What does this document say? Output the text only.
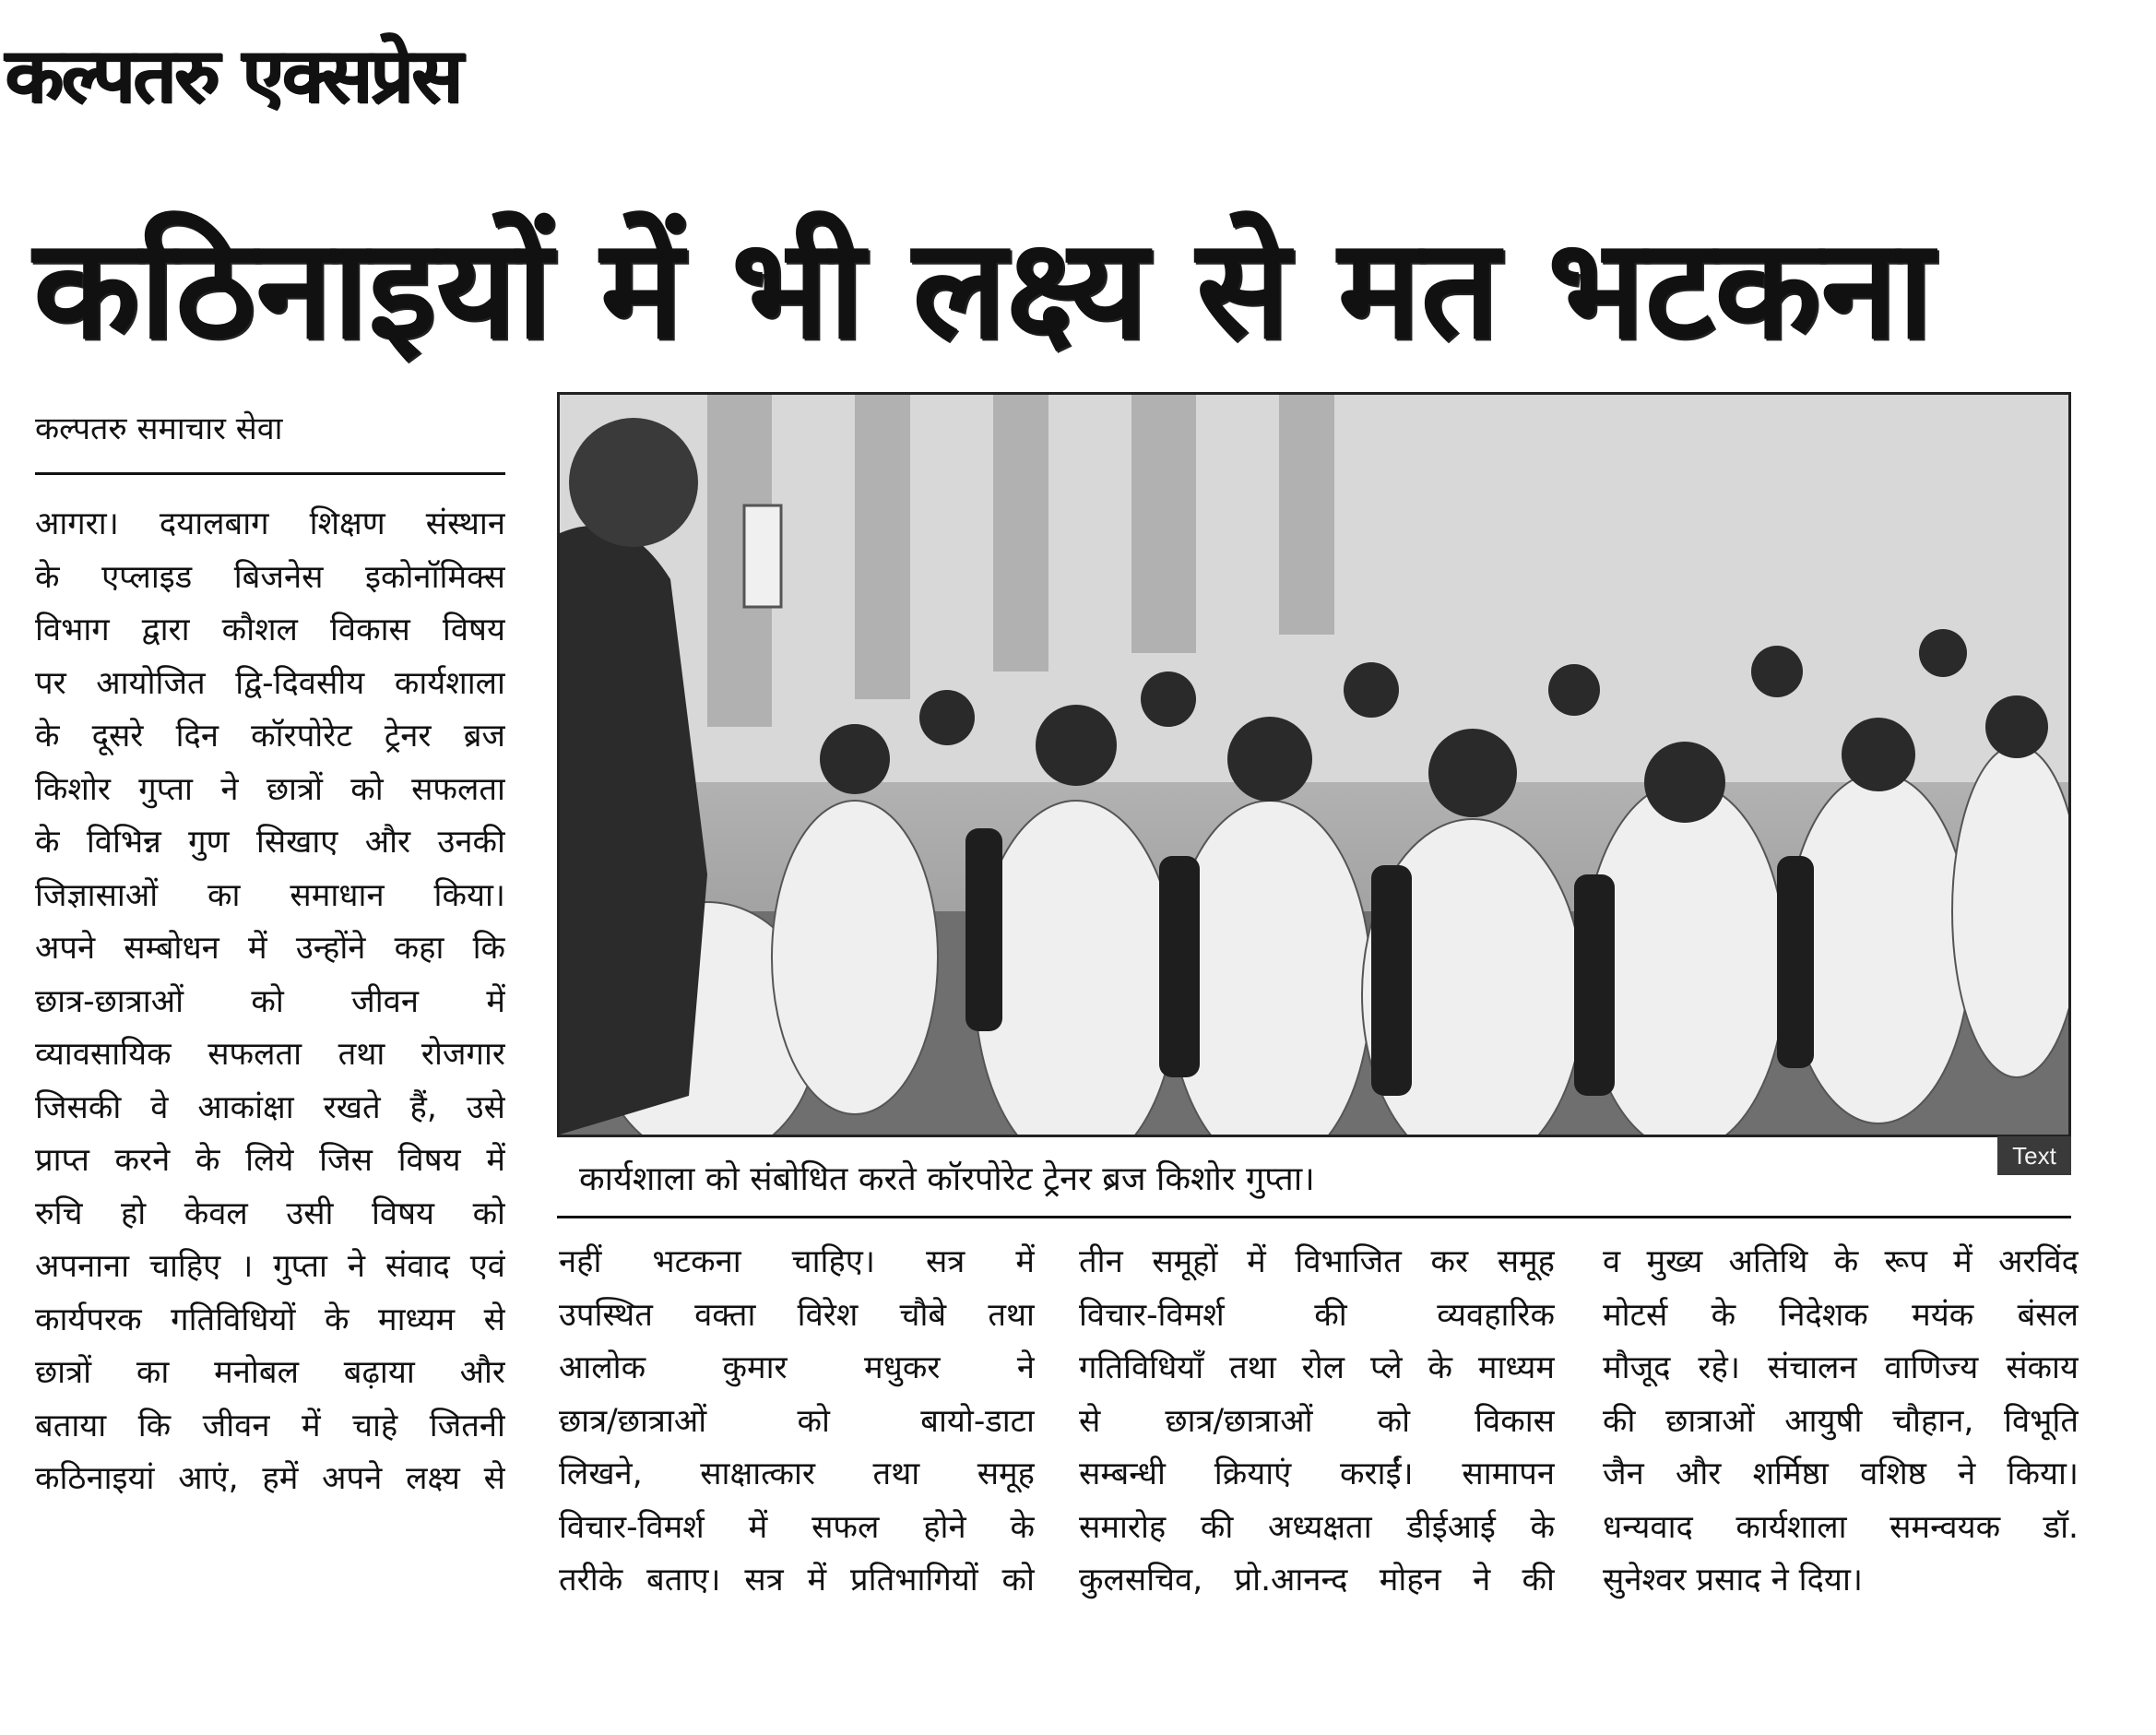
कल्पतरु एक्सप्रेस
कठिनाइयों में भी लक्ष्य से मत भटकना
कल्पतरु समाचार सेवा
आगरा। दयालबाग शिक्षण संस्थान
के एप्लाइड बिजनेस इकोनॉमिक्स
विभाग द्वारा कौशल विकास विषय
पर आयोजित द्वि-दिवसीय कार्यशाला
के दूसरे दिन कॉरपोरेट ट्रेनर ब्रज
किशोर गुप्ता ने छात्रों को सफलता
के विभिन्न गुण सिखाए और उनकी
जिज्ञासाओं का समाधान किया।
अपने सम्बोधन में उन्होंने कहा कि
छात्र-छात्राओं को जीवन में
व्यावसायिक सफलता तथा रोजगार
जिसकी वे आकांक्षा रखते हैं, उसे
प्राप्त करने के लिये जिस विषय में
रुचि हो केवल उसी विषय को
अपनाना चाहिए । गुप्ता ने संवाद एवं
कार्यपरक गतिविधियों के माध्यम से
छात्रों का मनोबल बढ़ाया और
बताया कि जीवन में चाहे जितनी
कठिनाइयां आएं, हमें अपने लक्ष्य से
Text
कार्यशाला को संबोधित करते कॉरपोरेट ट्रेनर ब्रज किशोर गुप्ता।
नहीं भटकना चाहिए। सत्र में
उपस्थित वक्ता विरेश चौबे तथा
आलोक कुमार मधुकर ने
छात्र/छात्राओं को बायो-डाटा
लिखने, साक्षात्कार तथा समूह
विचार-विमर्श में सफल होने के
तरीके बताए। सत्र में प्रतिभागियों को
तीन समूहों में विभाजित कर समूह
विचार-विमर्श की व्यवहारिक
गतिविधियाँ तथा रोल प्ले के माध्यम
से छात्र/छात्राओं को विकास
सम्बन्धी क्रियाएं कराईं। सामापन
समारोह की अध्यक्षता डीईआई के
कुलसचिव, प्रो.आनन्द मोहन ने की
व मुख्य अतिथि के रूप में अरविंद
मोटर्स के निदेशक मयंक बंसल
मौजूद रहे। संचालन वाणिज्य संकाय
की छात्राओं आयुषी चौहान, विभूति
जैन और शर्मिष्ठा वशिष्ठ ने किया।
धन्यवाद कार्यशाला समन्वयक डॉ.
सुनेश्वर प्रसाद ने दिया।
